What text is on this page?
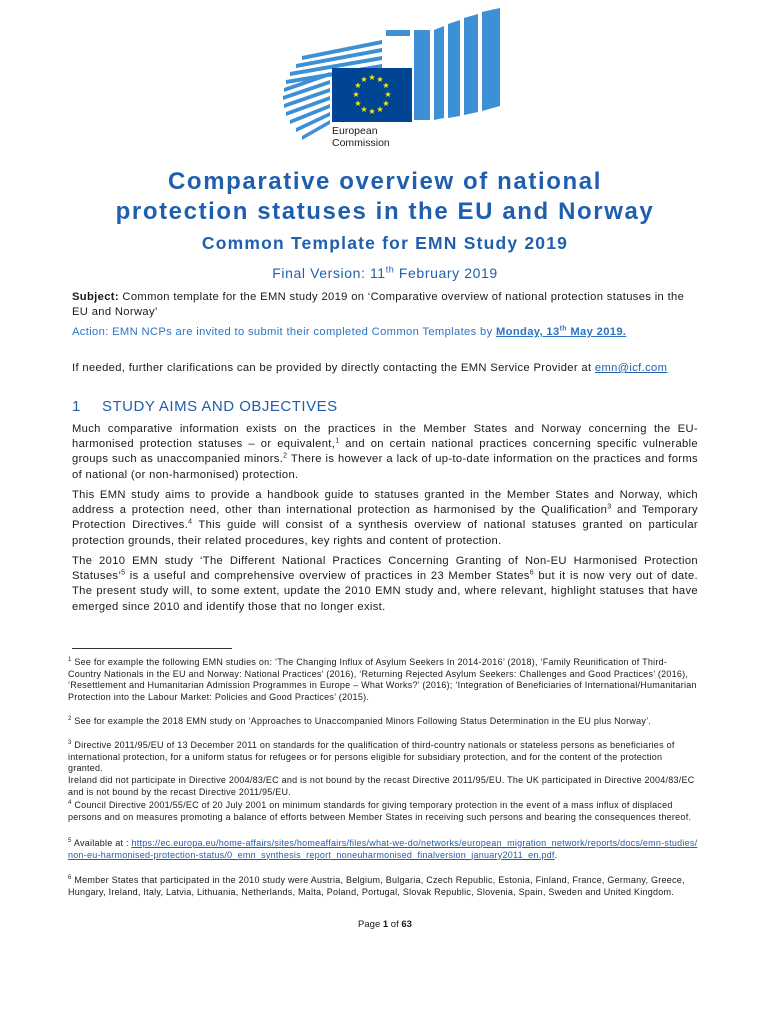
★ ★
★
★
★
★
★
★
★
★
★
★
European
Commission
Comparative overview of national
protection statuses in the EU and Norway
Common Template for EMN Study 2019
Final Version: 11th February 2019
Subject: Common template for the EMN study 2019 on ‘Comparative overview of national protection statuses in the EU and Norway’
Action: EMN NCPs are invited to submit their completed Common Templates by Monday, 13th May 2019.
If needed, further clarifications can be provided by directly contacting the EMN Service Provider at emn@icf.com
1 STUDY AIMS AND OBJECTIVES
Much comparative information exists on the practices in the Member States and Norway concerning the EU-harmonised protection statuses – or equivalent,$^1$ and on certain national practices concerning specific vulnerable groups such as unaccompanied minors.$^2$ There is however a lack of up-to-date information on the practices and forms of national (or non-harmonised) protection.
This EMN study aims to provide a handbook guide to statuses granted in the Member States and Norway, which address a protection need, other than international protection as harmonised by the Qualification$^3$ and Temporary Protection Directives.$^4$ This guide will consist of a synthesis overview of national statuses granted on particular protection grounds, their related procedures, key rights and content of protection.
The 2010 EMN study ‘The Different National Practices Concerning Granting of Non-EU Harmonised Protection Statuses’$^5$ is a useful and comprehensive overview of practices in 23 Member States$^6$ but it is now very out of date. The present study will, to some extent, update the 2010 EMN study and, where relevant, highlight statuses that have emerged since 2010 and identify those that no longer exist.
$^1$ See for example the following EMN studies on: ‘The Changing Influx of Asylum Seekers In 2014-2016’ (2018), ‘Family Reunification of Third-Country Nationals in the EU and Norway: National Practices’ (2016), ‘Returning Rejected Asylum Seekers: Challenges and Good Practices’ (2016), ‘Resettlement and Humanitarian Admission Programmes in Europe – What Works?’ (2016); ‘Integration of Beneficiaries of International/Humanitarian Protection into the Labour Market: Policies and Good Practices’ (2015).
$^2$ See for example the 2018 EMN study on ‘Approaches to Unaccompanied Minors Following Status Determination in the EU plus Norway’.
$^3$ Directive 2011/95/EU of 13 December 2011 on standards for the qualification of third-country nationals or stateless persons as beneficiaries of international protection, for a uniform status for refugees or for persons eligible for subsidiary protection, and for the content of the protection granted.
Ireland did not participate in Directive 2004/83/EC and is not bound by the recast Directive 2011/95/EU. The UK participated in Directive 2004/83/EC and is not bound by the recast Directive 2011/95/EU.
$^4$ Council Directive 2001/55/EC of 20 July 2001 on minimum standards for giving temporary protection in the event of a mass influx of displaced persons and on measures promoting a balance of efforts between Member States in receiving such persons and bearing the consequences thereof.
$^5$ Available at : https://ec.europa.eu/home-affairs/sites/homeaffairs/files/what-we-do/networks/european_migration_network/reports/docs/emn-studies/non-eu-harmonised-protection-status/0_emn_synthesis_report_noneuharmonised_finalversion_january2011_en.pdf.
$^6$ Member States that participated in the 2010 study were Austria, Belgium, Bulgaria, Czech Republic, Estonia, Finland, France, Germany, Greece, Hungary, Ireland, Italy, Latvia, Lithuania, Netherlands, Malta, Poland, Portugal, Slovak Republic, Slovenia, Spain, Sweden and United Kingdom.
Page 1 of 63
